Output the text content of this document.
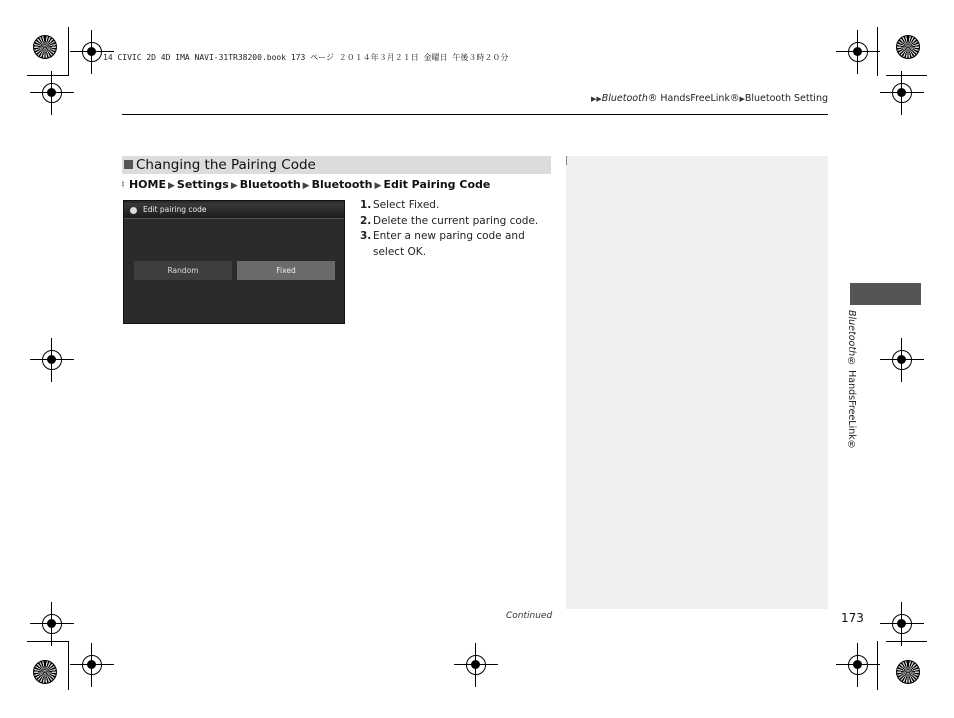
14 CIVIC 2D 4D IMA NAVI-31TR38200.book 173 ページ ２０１４年３月２１日 金曜日 午後３時２０分
▶▶Bluetooth® HandsFreeLink®▶Bluetooth Setting
Changing the Pairing Code
♮ HOME ▶ Settings ▶ Bluetooth ▶ Bluetooth ▶ Edit Pairing Code
Edit pairing code
Random	Fixed
1. Select Fixed.
2. Delete the current paring code.
3. Enter a new paring code and select OK.
Bluetooth® HandsFreeLink®
Continued	173
